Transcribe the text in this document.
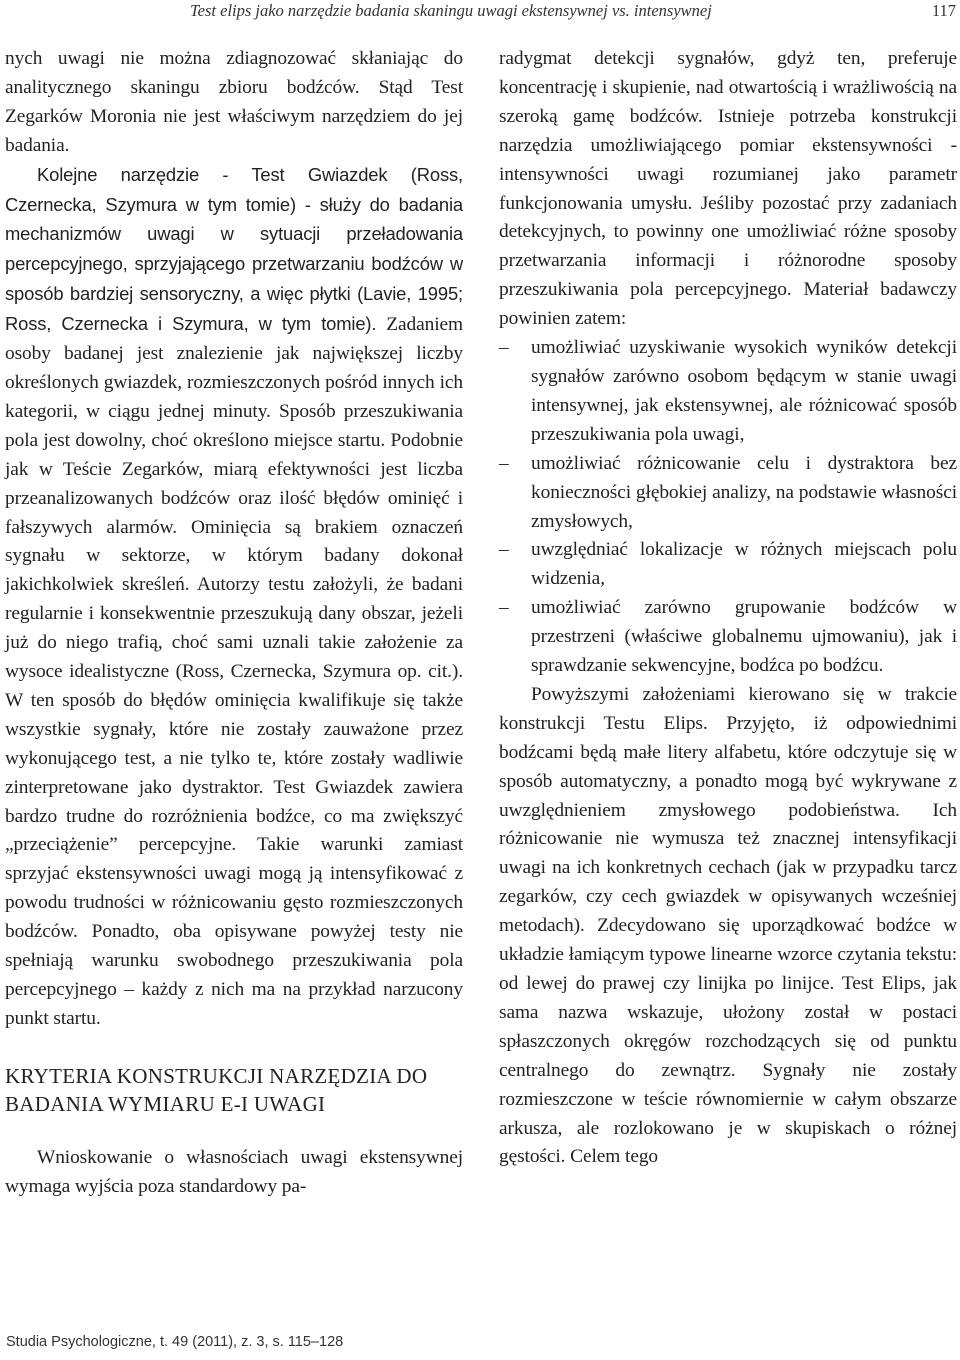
Test elips jako narzędzie badania skaningu uwagi ekstensywnej vs. intensywnej	117

nych uwagi nie można zdiagnozować skłaniając do analitycznego skaningu zbioru bodźców. Stąd Test Zegarków Moronia nie jest właściwym narzędziem do jej badania.

Kolejne narzędzie - Test Gwiazdek (Ross, Czernecka, Szymura w tym tomie) - służy do badania mechanizmów uwagi w sytuacji przeładowania percepcyjnego, sprzyjającego przetwarzaniu bodźców w sposób bardziej sensoryczny, a więc płytki (Lavie, 1995; Ross, Czernecka i Szymura, w tym tomie). Zadaniem osoby badanej jest znalezienie jak największej liczby określonych gwiazdek, rozmieszczonych pośród innych ich kategorii, w ciągu jednej minuty. Sposób przeszukiwania pola jest dowolny, choć określono miejsce startu. Podobnie jak w Teście Zegarków, miarą efektywności jest liczba przeanalizowanych bodźców oraz ilość błędów ominięć i fałszywych alarmów. Ominięcia są brakiem oznaczeń sygnału w sektorze, w którym badany dokonał jakichkolwiek skreśleń. Autorzy testu założyli, że badani regularnie i konsekwentnie przeszukują dany obszar, jeżeli już do niego trafią, choć sami uznali takie założenie za wysoce idealistyczne (Ross, Czernecka, Szymura op. cit.). W ten sposób do błędów ominięcia kwalifikuje się także wszystkie sygnały, które nie zostały zauważone przez wykonującego test, a nie tylko te, które zostały wadliwie zinterpretowane jako dystraktor. Test Gwiazdek zawiera bardzo trudne do rozróżnienia bodźce, co ma zwiększyć „przeciążenie” percepcyjne. Takie warunki zamiast sprzyjać ekstensywności uwagi mogą ją intensyfikować z powodu trudności w różnicowaniu gęsto rozmieszczonych bodźców. Ponadto, oba opisywane powyżej testy nie spełniają warunku swobodnego przeszukiwania pola percepcyjnego – każdy z nich ma na przykład narzucony punkt startu.

KRYTERIA KONSTRUKCJI NARZĘDZIA DO BADANIA WYMIARU E-I UWAGI

Wnioskowanie o własnościach uwagi ekstensywnej wymaga wyjścia poza standardowy pa-

radygmat detekcji sygnałów, gdyż ten, preferuje koncentrację i skupienie, nad otwartością i wrażliwością na szeroką gamę bodźców. Istnieje potrzeba konstrukcji narzędzia umożliwiającego pomiar ekstensywności - intensywności uwagi rozumianej jako parametr funkcjonowania umysłu. Jeśliby pozostać przy zadaniach detekcyjnych, to powinny one umożliwiać różne sposoby przetwarzania informacji i różnorodne sposoby przeszukiwania pola percepcyjnego. Materiał badawczy powinien zatem:

–	umożliwiać uzyskiwanie wysokich wyników detekcji sygnałów zarówno osobom będącym w stanie uwagi intensywnej, jak ekstensywnej, ale różnicować sposób przeszukiwania pola uwagi,
–	umożliwiać różnicowanie celu i dystraktora bez konieczności głębokiej analizy, na podstawie własności zmysłowych,
–	uwzględniać lokalizacje w różnych miejscach polu widzenia,
–	umożliwiać zarówno grupowanie bodźców w przestrzeni (właściwe globalnemu ujmowaniu), jak i sprawdzanie sekwencyjne, bodźca po bodźcu.

Powyższymi założeniami kierowano się w trakcie konstrukcji Testu Elips. Przyjęto, iż odpowiednimi bodźcami będą małe litery alfabetu, które odczytuje się w sposób automatyczny, a ponadto mogą być wykrywane z uwzględnieniem zmysłowego podobieństwa. Ich różnicowanie nie wymusza też znacznej intensyfikacji uwagi na ich konkretnych cechach (jak w przypadku tarcz zegarków, czy cech gwiazdek w opisywanych wcześniej metodach). Zdecydowano się uporządkować bodźce w układzie łamiącym typowe linearne wzorce czytania tekstu: od lewej do prawej czy linijka po linijce. Test Elips, jak sama nazwa wskazuje, ułożony został w postaci spłaszczonych okręgów rozchodzących się od punktu centralnego do zewnątrz. Sygnały nie zostały rozmieszczone w teście równomiernie w całym obszarze arkusza, ale rozlokowano je w skupiskach o różnej gęstości. Celem tego

Studia Psychologiczne, t. 49 (2011), z. 3, s. 115–128
